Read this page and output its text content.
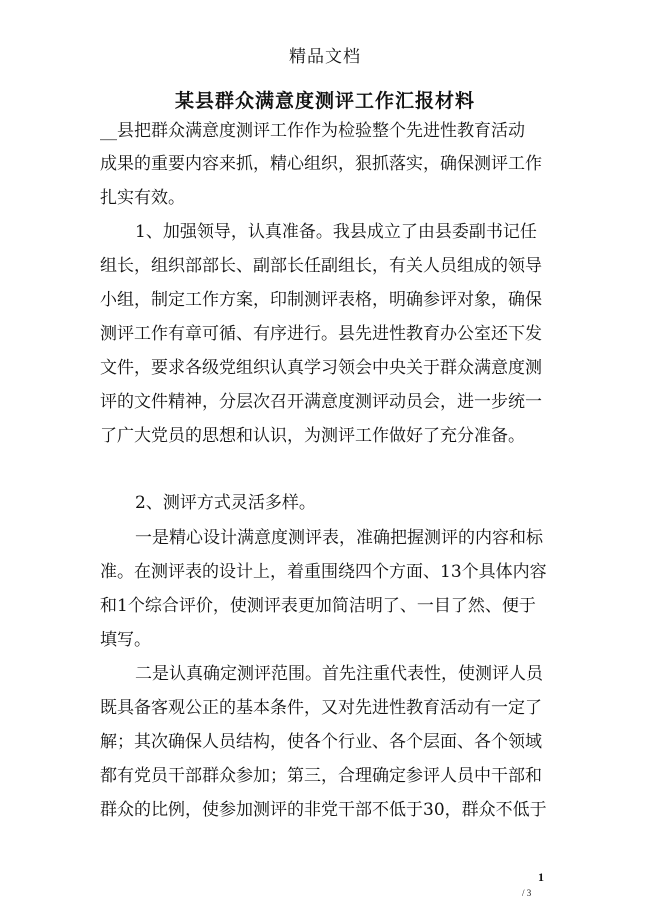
精品文档
某县群众满意度测评工作汇报材料
__县把群众满意度测评工作作为检验整个先进性教育活动
成果的重要内容来抓，精心组织，狠抓落实，确保测评工作
扎实有效。
1、加强领导，认真准备。我县成立了由县委副书记任
组长，组织部部长、副部长任副组长，有关人员组成的领导
小组，制定工作方案，印制测评表格，明确参评对象，确保
测评工作有章可循、有序进行。县先进性教育办公室还下发
文件，要求各级党组织认真学习领会中央关于群众满意度测
评的文件精神，分层次召开满意度测评动员会，进一步统一
了广大党员的思想和认识，为测评工作做好了充分准备。
2、测评方式灵活多样。
一是精心设计满意度测评表，准确把握测评的内容和标
准。在测评表的设计上，着重围绕四个方面、13个具体内容
和1个综合评价，使测评表更加简洁明了、一目了然、便于
填写。
二是认真确定测评范围。首先注重代表性，使测评人员
既具备客观公正的基本条件，又对先进性教育活动有一定了
解；其次确保人员结构，使各个行业、各个层面、各个领域
都有党员干部群众参加；第三，合理确定参评人员中干部和
群众的比例，使参加测评的非党干部不低于30，群众不低于
1
/ 3
